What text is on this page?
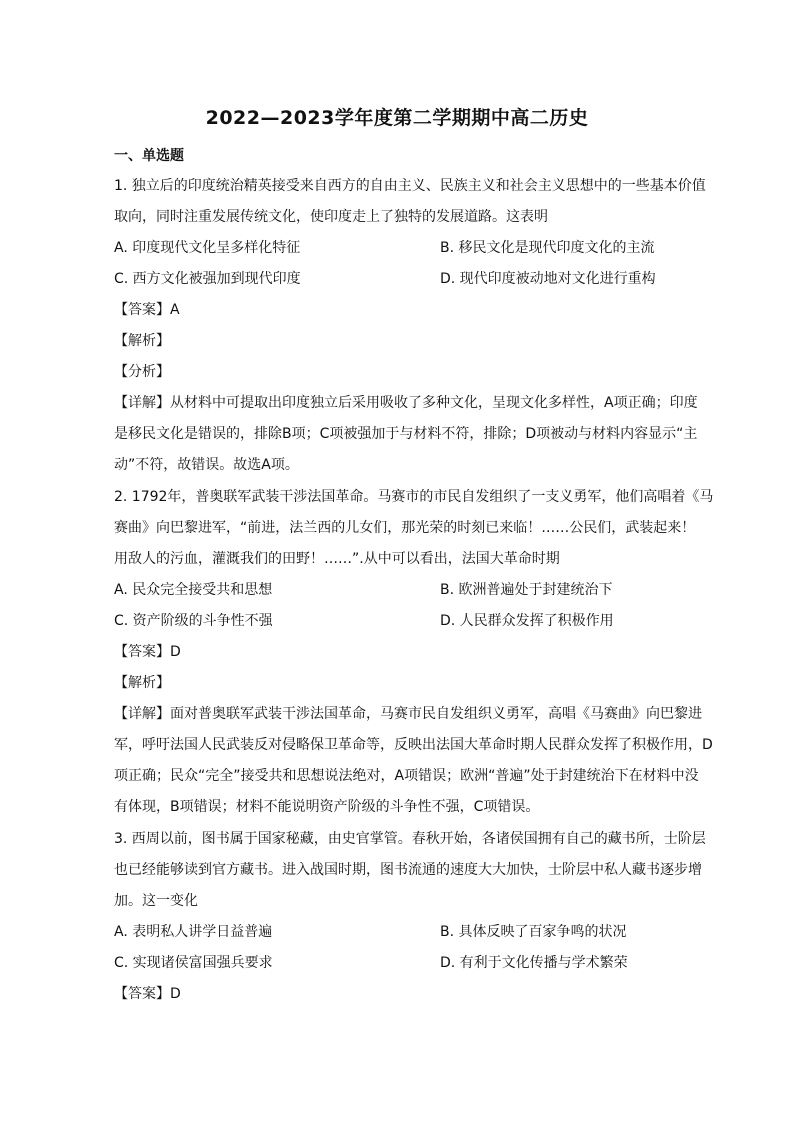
2022—2023学年度第二学期期中高二历史
一、单选题
1. 独立后的印度统治精英接受来自西方的自由主义、民族主义和社会主义思想中的一些基本价值
取向，同时注重发展传统文化，使印度走上了独特的发展道路。这表明
A. 印度现代文化呈多样化特征	B. 移民文化是现代印度文化的主流
C. 西方文化被强加到现代印度	D. 现代印度被动地对文化进行重构
【答案】A
【解析】
【分析】
【详解】从材料中可提取出印度独立后采用吸收了多种文化，呈现文化多样性，A项正确；印度
是移民文化是错误的，排除B项；C项被强加于与材料不符，排除；D项被动与材料内容显示“主
动”不符，故错误。故选A项。
2. 1792年，普奥联军武装干涉法国革命。马赛市的市民自发组织了一支义勇军，他们高唱着《马
赛曲》向巴黎进军，“前进，法兰西的儿女们，那光荣的时刻已来临！……公民们，武装起来！
用敌人的污血，灌溉我们的田野！……”.从中可以看出，法国大革命时期
A. 民众完全接受共和思想	B. 欧洲普遍处于封建统治下
C. 资产阶级的斗争性不强	D. 人民群众发挥了积极作用
【答案】D
【解析】
【详解】面对普奥联军武装干涉法国革命，马赛市民自发组织义勇军，高唱《马赛曲》向巴黎进
军，呼吁法国人民武装反对侵略保卫革命等，反映出法国大革命时期人民群众发挥了积极作用，D
项正确；民众“完全”接受共和思想说法绝对，A项错误；欧洲“普遍”处于封建统治下在材料中没
有体现，B项错误；材料不能说明资产阶级的斗争性不强，C项错误。
3. 西周以前，图书属于国家秘藏，由史官掌管。春秋开始，各诸侯国拥有自己的藏书所，士阶层
也已经能够读到官方藏书。进入战国时期，图书流通的速度大大加快，士阶层中私人藏书逐步增
加。这一变化
A. 表明私人讲学日益普遍	B. 具体反映了百家争鸣的状况
C. 实现诸侯富国强兵要求	D. 有利于文化传播与学术繁荣
【答案】D
